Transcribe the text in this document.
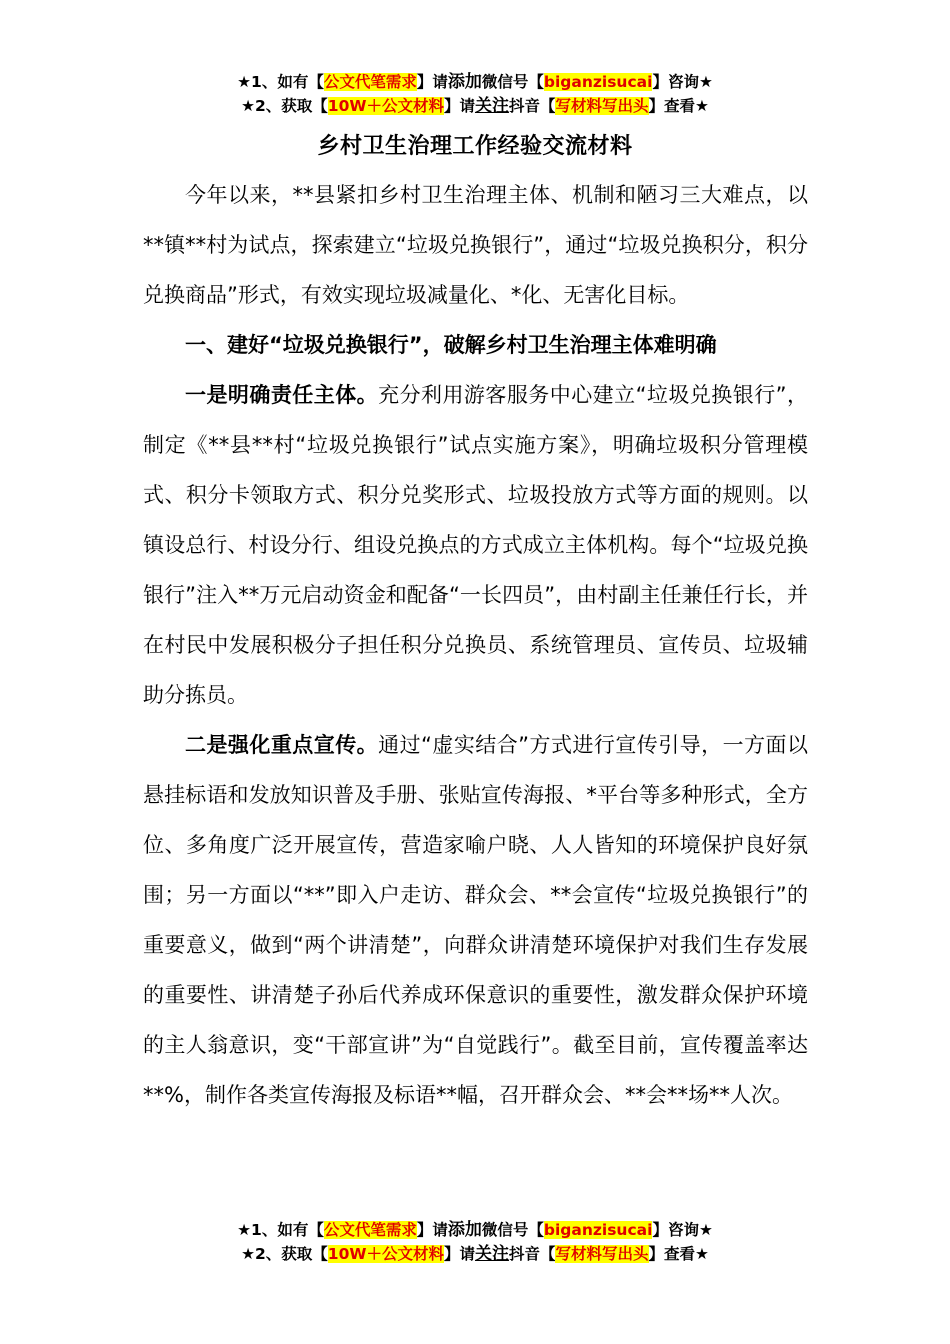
★1、如有【公文代笔需求】请添加微信号【biganzisucai】咨询★
★2、获取【10W＋公文材料】请关注抖音【写材料写出头】查看★
乡村卫生治理工作经验交流材料

今年以来，**县紧扣乡村卫生治理主体、机制和陋习三大难点，以**镇**村为试点，探索建立“垃圾兑换银行”，通过“垃圾兑换积分，积分兑换商品”形式，有效实现垃圾减量化、*化、无害化目标。

一、建好“垃圾兑换银行”，破解乡村卫生治理主体难明确

一是明确责任主体。充分利用游客服务中心建立“垃圾兑换银行”，制定《**县**村“垃圾兑换银行”试点实施方案》，明确垃圾积分管理模式、积分卡领取方式、积分兑奖形式、垃圾投放方式等方面的规则。以镇设总行、村设分行、组设兑换点的方式成立主体机构。每个“垃圾兑换银行”注入**万元启动资金和配备“一长四员”，由村副主任兼任行长，并在村民中发展积极分子担任积分兑换员、系统管理员、宣传员、垃圾辅助分拣员。

二是强化重点宣传。通过“虚实结合”方式进行宣传引导，一方面以悬挂标语和发放知识普及手册、张贴宣传海报、*平台等多种形式，全方位、多角度广泛开展宣传，营造家喻户晓、人人皆知的环境保护良好氛围；另一方面以“**”即入户走访、群众会、**会宣传“垃圾兑换银行”的重要意义，做到“两个讲清楚”，向群众讲清楚环境保护对我们生存发展的重要性、讲清楚子孙后代养成环保意识的重要性，激发群众保护环境的主人翁意识，变“干部宣讲”为“自觉践行”。截至目前，宣传覆盖率达**%，制作各类宣传海报及标语**幅，召开群众会、**会**场**人次。

★1、如有【公文代笔需求】请添加微信号【biganzisucai】咨询★
★2、获取【10W＋公文材料】请关注抖音【写材料写出头】查看★
